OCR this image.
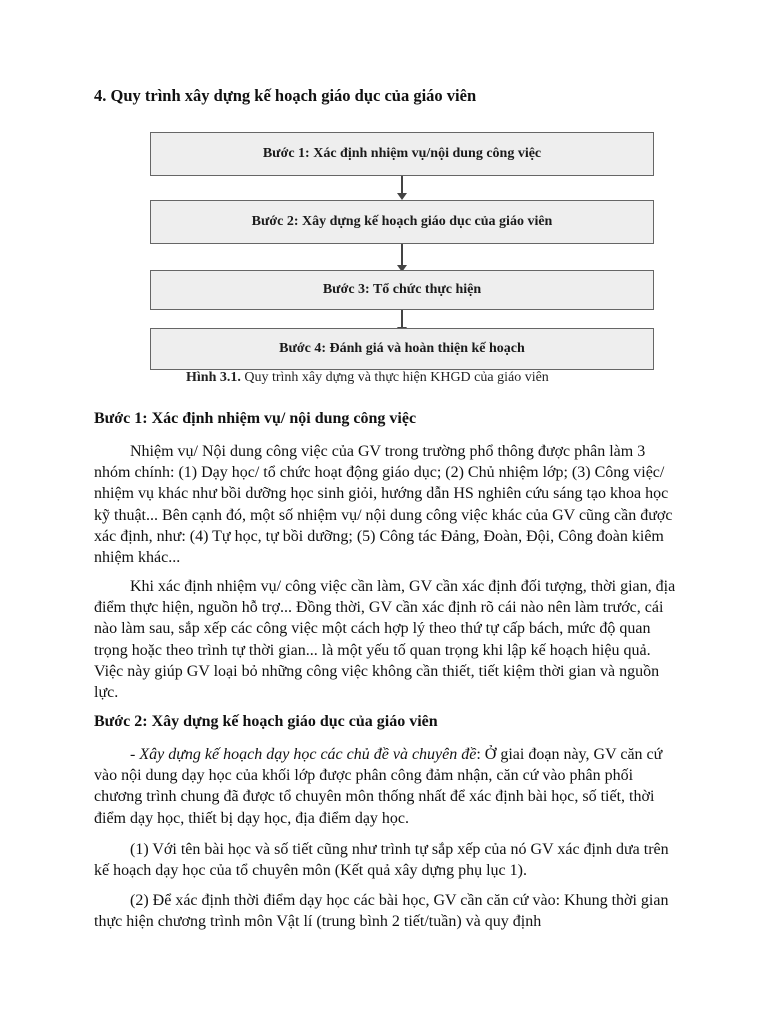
4. Quy trình xây dựng kế hoạch giáo dục của giáo viên
Bước 1: Xác định nhiệm vụ/nội dung công việc
Bước 2: Xây dựng kế hoạch giáo dục của giáo viên
Bước 3: Tổ chức thực hiện
Bước 4: Đánh giá và hoàn thiện kế hoạch

Hình 3.1. Quy trình xây dựng và thực hiện KHGD của giáo viên

Bước 1: Xác định nhiệm vụ/ nội dung công việc

Nhiệm vụ/ Nội dung công việc của GV trong trường phổ thông được phân làm 3 nhóm chính: (1) Dạy học/ tổ chức hoạt động giáo dục; (2) Chủ nhiệm lớp; (3) Công việc/ nhiệm vụ khác như bồi dưỡng học sinh giỏi, hướng dẫn HS nghiên cứu sáng tạo khoa học kỹ thuật... Bên cạnh đó, một số nhiệm vụ/ nội dung công việc khác của GV cũng cần được xác định, như: (4) Tự học, tự bồi dưỡng; (5) Công tác Đảng, Đoàn, Đội, Công đoàn kiêm nhiệm khác...

Khi xác định nhiệm vụ/ công việc cần làm, GV cần xác định đối tượng, thời gian, địa điểm thực hiện, nguồn hỗ trợ... Đồng thời, GV cần xác định rõ cái nào nên làm trước, cái nào làm sau, sắp xếp các công việc một cách hợp lý theo thứ tự cấp bách, mức độ quan trọng hoặc theo trình tự thời gian... là một yếu tố quan trọng khi lập kế hoạch hiệu quả. Việc này giúp GV loại bỏ những công việc không cần thiết, tiết kiệm thời gian và nguồn lực.

Bước 2: Xây dựng kế hoạch giáo dục của giáo viên

- Xây dựng kế hoạch dạy học các chủ đề và chuyên đề: Ở giai đoạn này, GV căn cứ vào nội dung dạy học của khối lớp được phân công đảm nhận, căn cứ vào phân phối chương trình chung đã được tổ chuyên môn thống nhất để xác định bài học, số tiết, thời điểm dạy học, thiết bị dạy học, địa điểm dạy học.

(1) Với tên bài học và số tiết cũng như trình tự sắp xếp của nó GV xác định dưa trên kế hoạch dạy học của tổ chuyên môn (Kết quả xây dựng phụ lục 1).

(2) Để xác định thời điểm dạy học các bài học, GV cần căn cứ vào: Khung thời gian thực hiện chương trình môn Vật lí (trung bình 2 tiết/tuần) và quy định
